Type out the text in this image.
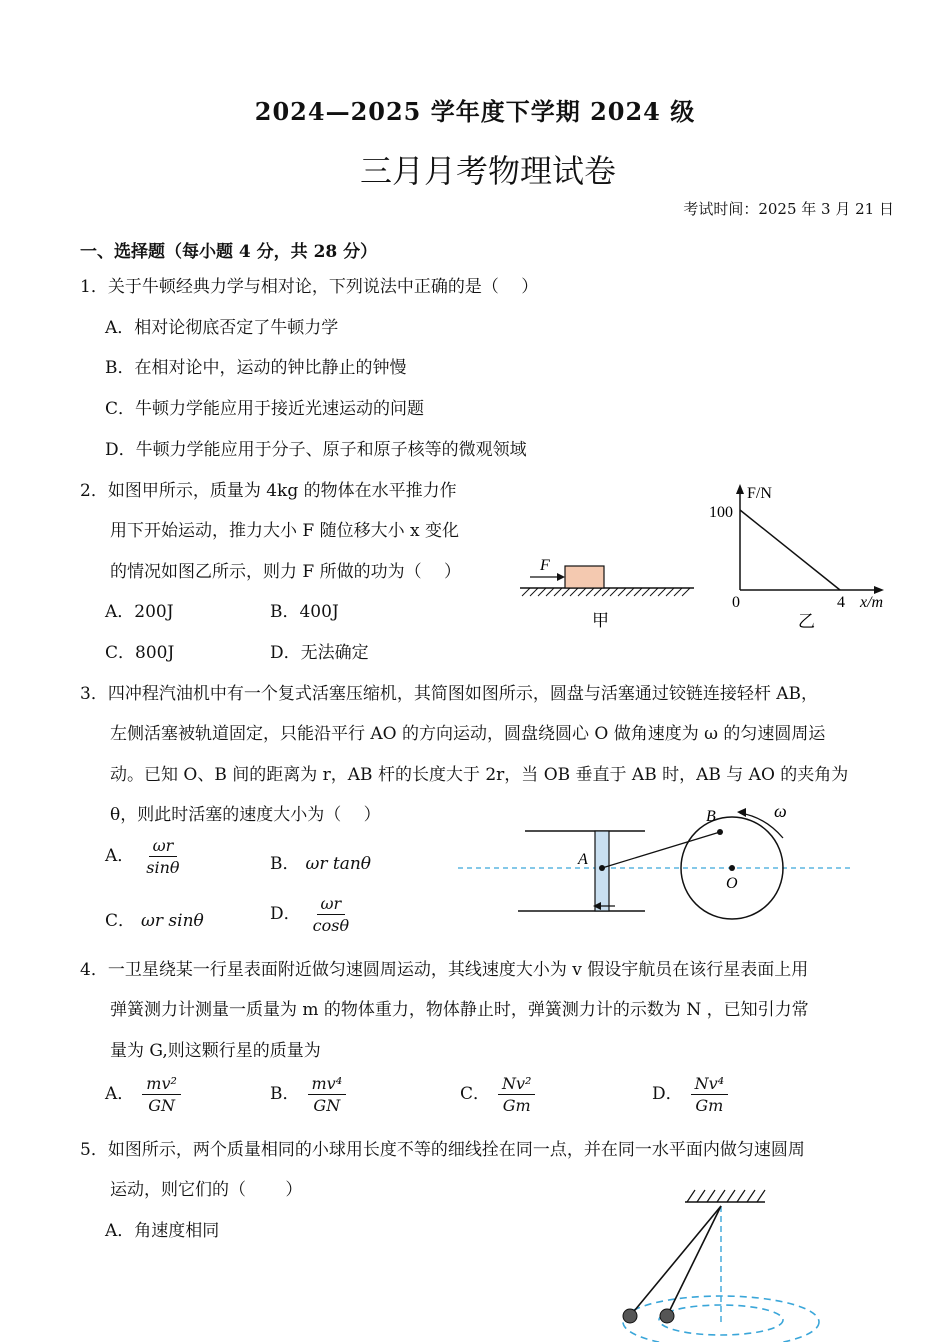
2024—2025 学年度下学期 2024 级
三月月考物理试卷
考试时间：2025 年 3 月 21 日
一、选择题（每小题 4 分，共 28 分）
1．关于牛顿经典力学与相对论，下列说法中正确的是（　 ）
A．相对论彻底否定了牛顿力学
B．在相对论中，运动的钟比静止的钟慢
C．牛顿力学能应用于接近光速运动的问题
D．牛顿力学能应用于分子、原子和原子核等的微观领域
2．如图甲所示，质量为 4kg 的物体在水平推力作
用下开始运动，推力大小 F 随位移大小 x 变化
的情况如图乙所示，则力 F 所做的功为（　 ）
A．200J	B．400J
C．800J	D．无法确定
F
甲
F/N
100
0	4 x/m
乙
3．四冲程汽油机中有一个复式活塞压缩机，其简图如图所示，圆盘与活塞通过铰链连接轻杆 AB，
左侧活塞被轨道固定，只能沿平行 AO 的方向运动，圆盘绕圆心 O 做角速度为 ω 的匀速圆周运
动。已知 O、B 间的距离为 r，AB 杆的长度大于 2r，当 OB 垂直于 AB 时，AB 与 AO 的夹角为
θ，则此时活塞的速度大小为（　 ）
A． $\frac{\omega r}{\sin\theta}$	B． ωr tanθ
C． ωr sinθ	D． $\frac{\omega r}{\cos\theta}$
A
B
O
ω
4．一卫星绕某一行星表面附近做匀速圆周运动，其线速度大小为 v 假设宇航员在该行星表面上用
弹簧测力计测量一质量为 m 的物体重力，物体静止时，弹簧测力计的示数为 N ，已知引力常
量为 G,则这颗行星的质量为
A． $\frac{\text{mv²}}{GN}$	B． $\frac{\text{mv⁴}}{GN}$	C． $\frac{\text{Nv²}}{Gm}$	D． $\frac{\text{Nv⁴}}{Gm}$
5．如图所示，两个质量相同的小球用长度不等的细线拴在同一点，并在同一水平面内做匀速圆周
运动，则它们的（　 　）
A．角速度相同
